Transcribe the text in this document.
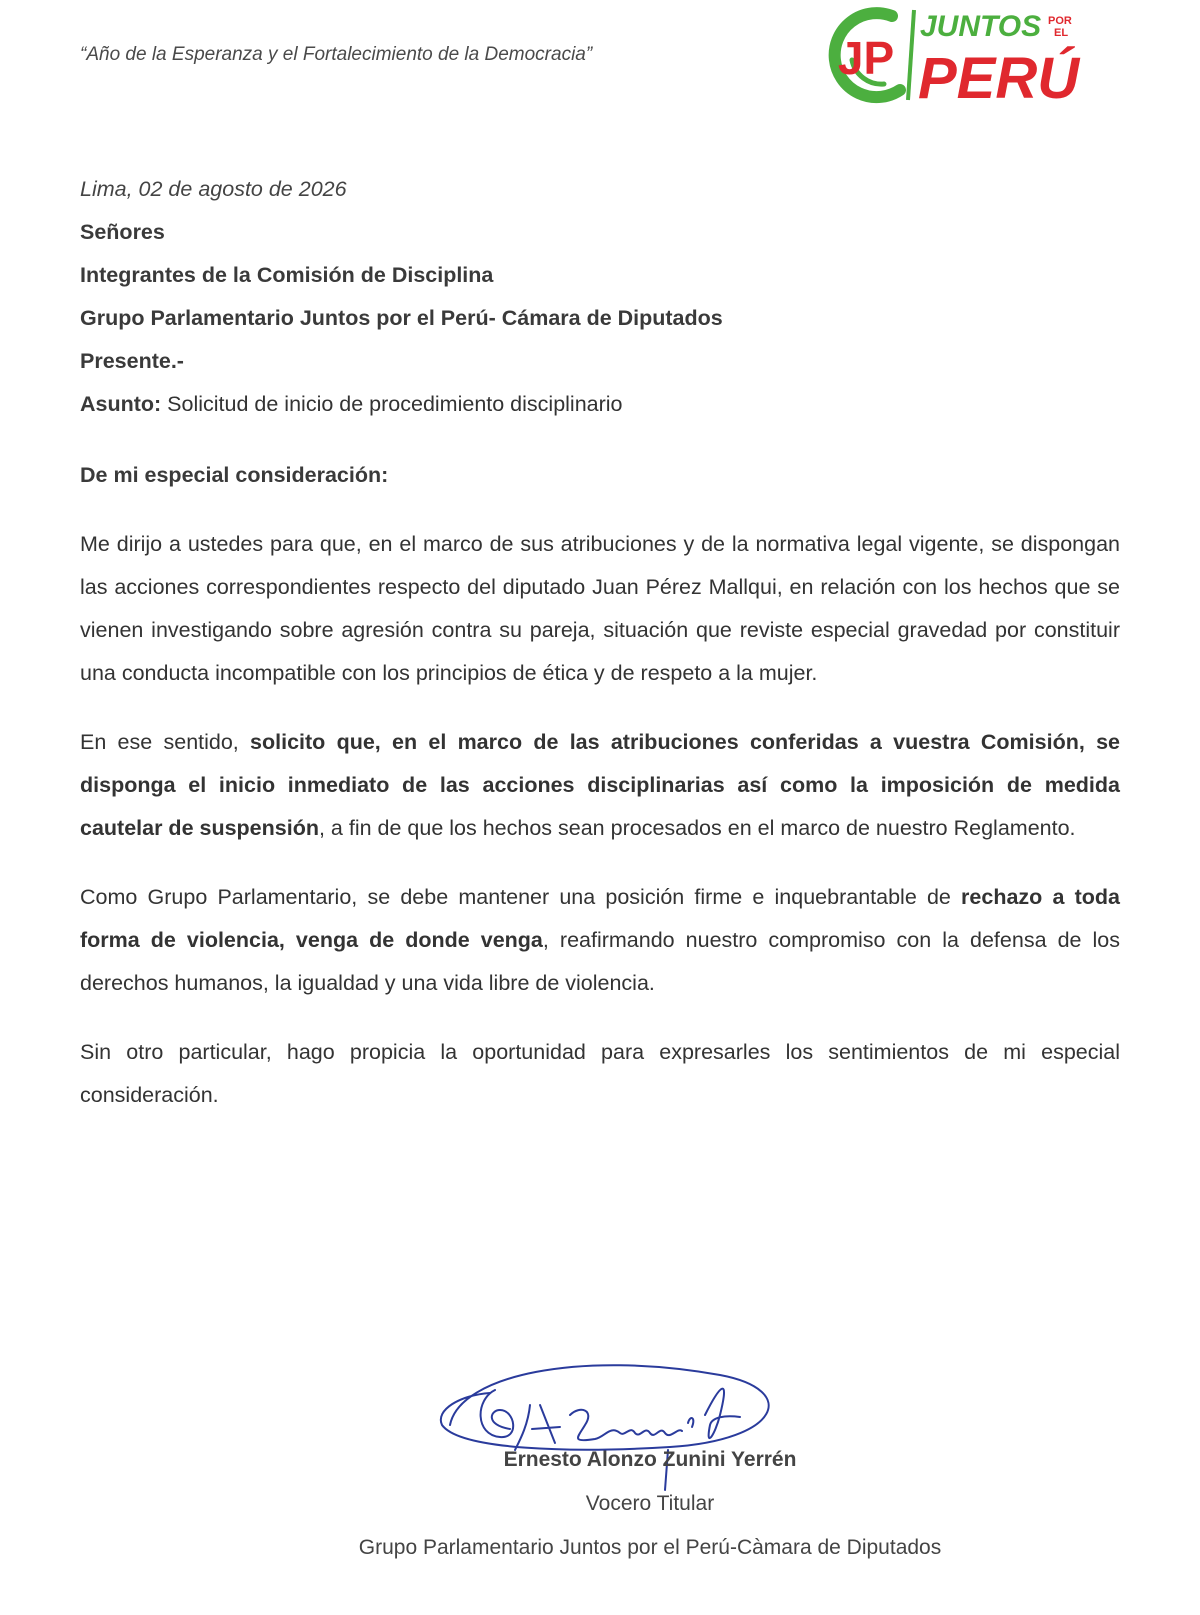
“Año de la Esperanza y el Fortalecimiento de la Democracia”	JP
JUNTOS POR
EL
PERÚ
Lima, 02 de agosto de 2026
Señores
Integrantes de la Comisión de Disciplina
Grupo Parlamentario Juntos por el Perú- Cámara de Diputados
Presente.-
Asunto: Solicitud de inicio de procedimiento disciplinario
De mi especial consideración:
Me dirijo a ustedes para que, en el marco de sus atribuciones y de la normativa legal vigente, se dispongan las acciones correspondientes respecto del diputado Juan Pérez Mallqui, en relación con los hechos que se vienen investigando sobre agresión contra su pareja, situación que reviste especial gravedad por constituir una conducta incompatible con los principios de ética y de respeto a la mujer.
En ese sentido, solicito que, en el marco de las atribuciones conferidas a vuestra Comisión, se disponga el inicio inmediato de las acciones disciplinarias así como la imposición de medida cautelar de suspensión, a fin de que los hechos sean procesados en el marco de nuestro Reglamento.
Como Grupo Parlamentario, se debe mantener una posición firme e inquebrantable de rechazo a toda forma de violencia, venga de donde venga, reafirmando nuestro compromiso con la defensa de los derechos humanos, la igualdad y una vida libre de violencia.
Sin otro particular, hago propicia la oportunidad para expresarles los sentimientos de mi especial consideración.
Ernesto Alonzo Zunini Yerrén
Vocero Titular
Grupo Parlamentario Juntos por el Perú-Càmara de Diputados
